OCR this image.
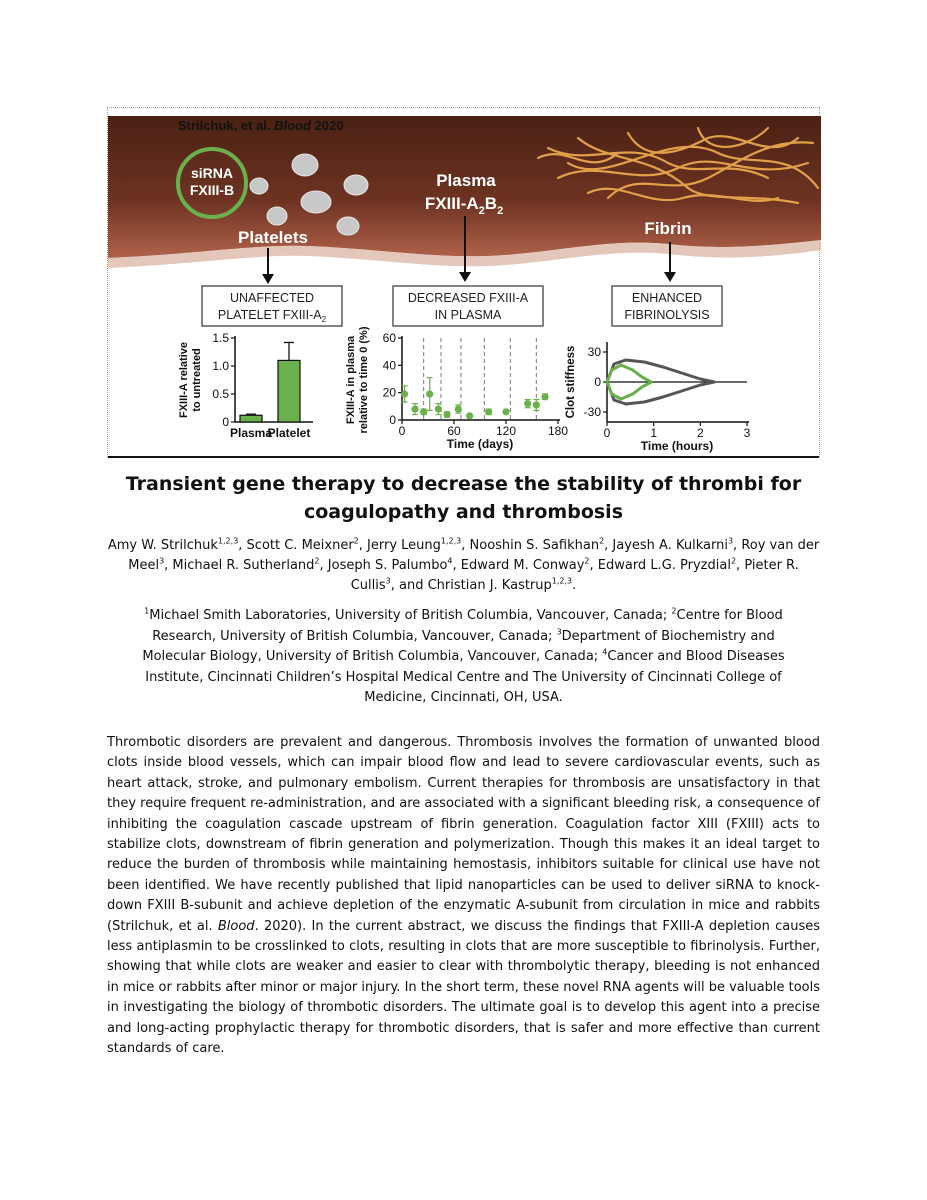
Strilchuk, et al. Blood 2020
siRNA
FXIII-B
Platelets
Plasma
FXIII-$A_2B_2$
Fibrin
UNAFFECTED
PLATELET FXIII-$A_2$
DECREASED FXIII-A
IN PLASMA
ENHANCED
FIBRINOLYSIS
0
0.5
1.0
1.5
Plasma
Platelet
FXIII-A relative to untreated
0
20
40
60
0	60	120	180
Time (days)
FXIII-A in plasma relative to time 0 (%)	-30
0
30
0	1	2	3
Time (hours)
Clot stiffness
Transient gene therapy to decrease the stability of thrombi for
coagulopathy and thrombosis
Amy W. Strilchuk$^{1,2,3}$, Scott C. Meixner$^2$, Jerry Leung$^{1,2,3}$, Nooshin S. Safikhan$^2$, Jayesh A. Kulkarni$^3$, Roy van der Meel$^3$, Michael R. Sutherland$^2$, Joseph S. Palumbo$^4$, Edward M. Conway$^2$, Edward L.G. Pryzdial$^2$, Pieter R. Cullis$^3$, and Christian J. Kastrup$^{1,2,3}$.
$^1$Michael Smith Laboratories, University of British Columbia, Vancouver, Canada; $^2$Centre for Blood Research, University of British Columbia, Vancouver, Canada; $^3$Department of Biochemistry and Molecular Biology, University of British Columbia, Vancouver, Canada; $^4$Cancer and Blood Diseases Institute, Cincinnati Children’s Hospital Medical Centre and The University of Cincinnati College of Medicine, Cincinnati, OH, USA.
Thrombotic disorders are prevalent and dangerous. Thrombosis involves the formation of unwanted blood clots inside blood vessels, which can impair blood flow and lead to severe cardiovascular events, such as heart attack, stroke, and pulmonary embolism. Current therapies for thrombosis are unsatisfactory in that they require frequent re-administration, and are associated with a significant bleeding risk, a consequence of inhibiting the coagulation cascade upstream of fibrin generation. Coagulation factor XIII (FXIII) acts to stabilize clots, downstream of fibrin generation and polymerization. Though this makes it an ideal target to reduce the burden of thrombosis while maintaining hemostasis, inhibitors suitable for clinical use have not been identified. We have recently published that lipid nanoparticles can be used to deliver siRNA to knock-down FXIII B-subunit and achieve depletion of the enzymatic A-subunit from circulation in mice and rabbits (Strilchuk, et al. Blood. 2020). In the current abstract, we discuss the findings that FXIII-A depletion causes less antiplasmin to be crosslinked to clots, resulting in clots that are more susceptible to fibrinolysis. Further, showing that while clots are weaker and easier to clear with thrombolytic therapy, bleeding is not enhanced in mice or rabbits after minor or major injury. In the short term, these novel RNA agents will be valuable tools in investigating the biology of thrombotic disorders. The ultimate goal is to develop this agent into a precise and long-acting prophylactic therapy for thrombotic disorders, that is safer and more effective than current standards of care.
